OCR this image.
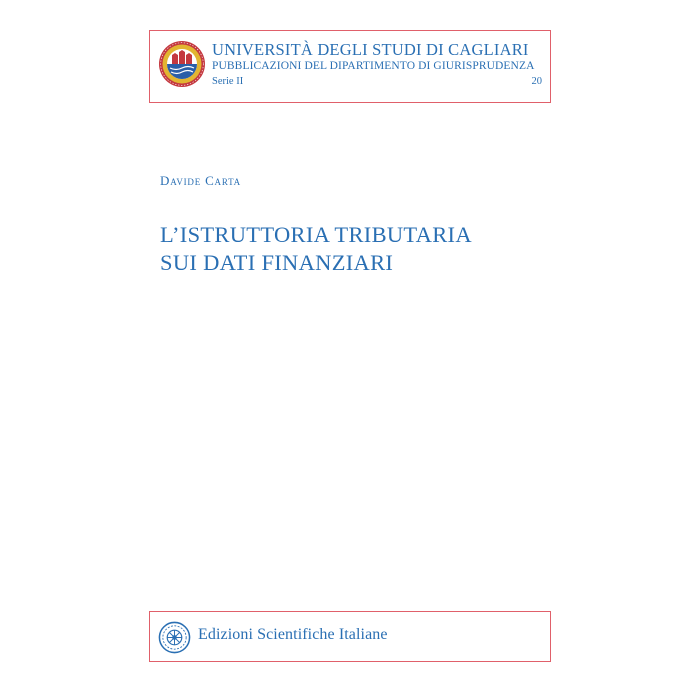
UNIVERSITÀ DEGLI STUDI DI CAGLIARI
PUBBLICAZIONI DEL DIPARTIMENTO DI GIURISPRUDENZA
Serie II	20
Davide Carta
L’ISTRUTTORIA TRIBUTARIA
SUI DATI FINANZIARI
Edizioni Scientifiche Italiane
